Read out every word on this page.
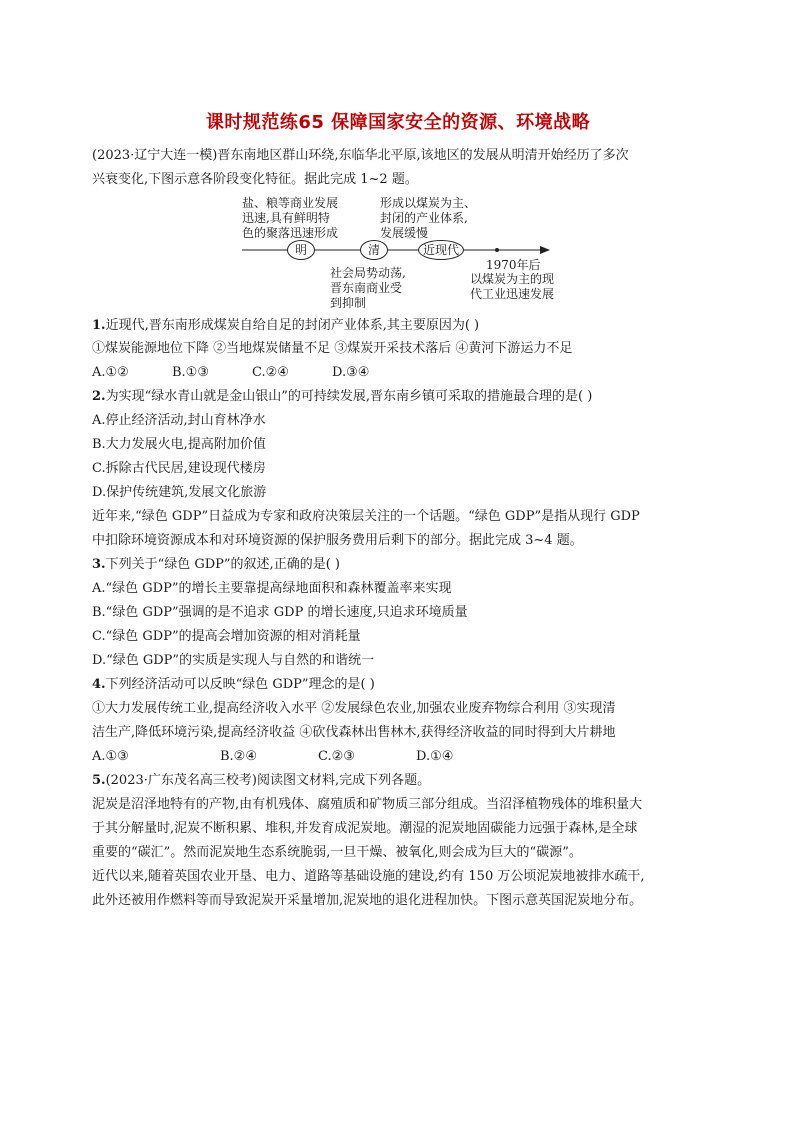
课时规范练65 保障国家安全的资源、环境战略
(2023·辽宁大连一模)晋东南地区群山环绕,东临华北平原,该地区的发展从明清开始经历了多次
兴衰变化,下图示意各阶段变化特征。据此完成 1~2 题。
盐、粮等商业发展
迅速,具有鲜明特
色的聚落迅速形成
形成以煤炭为主、
封闭的产业体系,
发展缓慢
明	清	近现代
1970年后
以煤炭为主的现
代工业迅速发展
社会局势动荡,
晋东南商业受
到抑制
1.近现代,晋东南形成煤炭自给自足的封闭产业体系,其主要原因为( )
①煤炭能源地位下降 ②当地煤炭储量不足 ③煤炭开采技术落后 ④黄河下游运力不足
A.①②	B.①③	C.②④	D.③④
2.为实现“绿水青山就是金山银山”的可持续发展,晋东南乡镇可采取的措施最合理的是( )
A.停止经济活动,封山育林净水
B.大力发展火电,提高附加价值
C.拆除古代民居,建设现代楼房
D.保护传统建筑,发展文化旅游
近年来,“绿色 GDP”日益成为专家和政府决策层关注的一个话题。“绿色 GDP”是指从现行 GDP
中扣除环境资源成本和对环境资源的保护服务费用后剩下的部分。据此完成 3~4 题。
3.下列关于“绿色 GDP”的叙述,正确的是( )
A.“绿色 GDP”的增长主要靠提高绿地面积和森林覆盖率来实现
B.“绿色 GDP”强调的是不追求 GDP 的增长速度,只追求环境质量
C.“绿色 GDP”的提高会增加资源的相对消耗量
D.“绿色 GDP”的实质是实现人与自然的和谐统一
4.下列经济活动可以反映“绿色 GDP”理念的是( )
①大力发展传统工业,提高经济收入水平 ②发展绿色农业,加强农业废弃物综合利用 ③实现清
洁生产,降低环境污染,提高经济收益 ④砍伐森林出售林木,获得经济收益的同时得到大片耕地
A.①③	B.②④	C.②③	D.①④
5.(2023·广东茂名高三校考)阅读图文材料,完成下列各题。
泥炭是沼泽地特有的产物,由有机残体、腐殖质和矿物质三部分组成。当沼泽植物残体的堆积量大
于其分解量时,泥炭不断积累、堆积,并发育成泥炭地。潮湿的泥炭地固碳能力远强于森林,是全球
重要的“碳汇”。然而泥炭地生态系统脆弱,一旦干燥、被氧化,则会成为巨大的“碳源”。
近代以来,随着英国农业开垦、电力、道路等基础设施的建设,约有 150 万公顷泥炭地被排水疏干,
此外还被用作燃料等而导致泥炭开采量增加,泥炭地的退化进程加快。下图示意英国泥炭地分布。
